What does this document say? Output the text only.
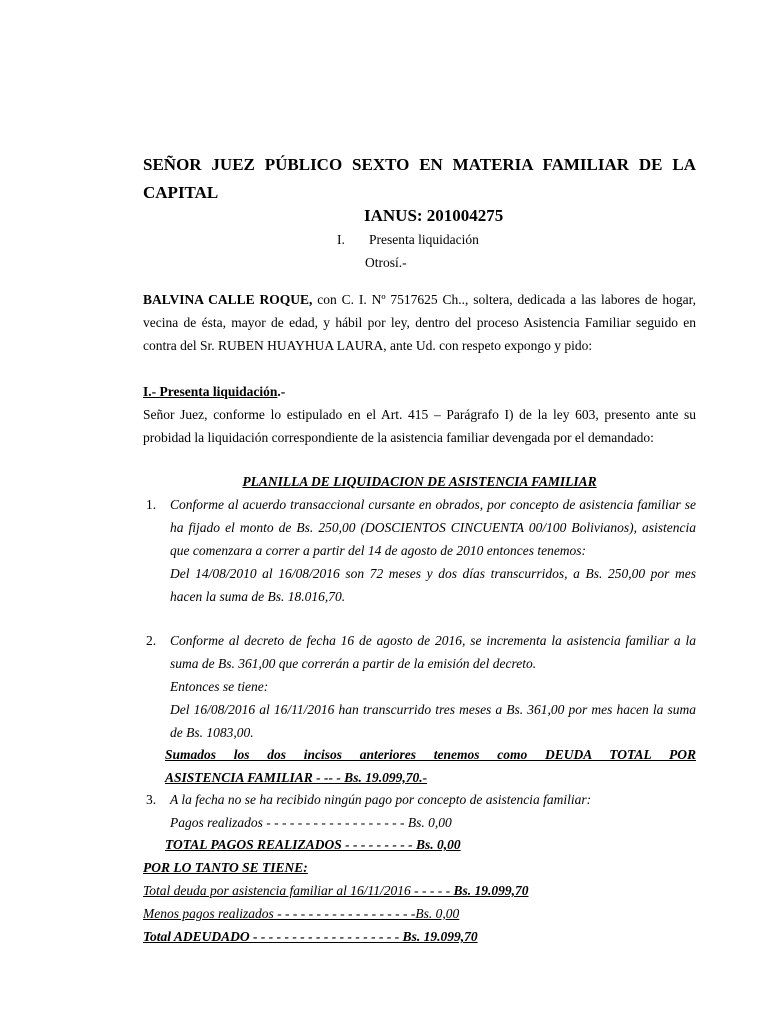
SEÑOR JUEZ PÚBLICO SEXTO EN MATERIA FAMILIAR DE LA CAPITAL

IANUS: 201004275
I. Presenta liquidación
Otrosí.-

BALVINA CALLE ROQUE, con C. I. Nº 7517625 Ch.., soltera, dedicada a las labores de hogar, vecina de ésta, mayor de edad, y hábil por ley, dentro del proceso Asistencia Familiar seguido en contra del Sr. RUBEN HUAYHUA LAURA, ante Ud. con respeto expongo y pido:

I.- Presenta liquidación.-

Señor Juez, conforme lo estipulado en el Art. 415 – Parágrafo I) de la ley 603, presento ante su probidad la liquidación correspondiente de la asistencia familiar devengada por el demandado:

PLANILLA DE LIQUIDACION DE ASISTENCIA FAMILIAR
1. Conforme al acuerdo transaccional cursante en obrados, por concepto de asistencia familiar se ha fijado el monto de Bs. 250,00 (DOSCIENTOS CINCUENTA 00/100 Bolivianos), asistencia que comenzara a correr a partir del 14 de agosto de 2010 entonces tenemos:
Del 14/08/2010 al 16/08/2016 son 72 meses y dos días transcurridos, a Bs. 250,00 por mes hacen la suma de Bs. 18.016,70.
2. Conforme al decreto de fecha 16 de agosto de 2016, se incrementa la asistencia familiar a la suma de Bs. 361,00 que correrán a partir de la emisión del decreto.
Entonces se tiene:
Del 16/08/2016 al 16/11/2016 han transcurrido tres meses a Bs. 361,00 por mes hacen la suma de Bs. 1083,00.
Sumados los dos incisos anteriores tenemos como DEUDA TOTAL POR
ASISTENCIA FAMILIAR - -- - Bs. 19.099,70.-
3. A la fecha no se ha recibido ningún pago por concepto de asistencia familiar:
Pagos realizados - - - - - - - - - - - - - - - - - - Bs. 0,00
TOTAL PAGOS REALIZADOS - - - - - - - - - Bs. 0,00
POR LO TANTO SE TIENE:
Total deuda por asistencia familiar al 16/11/2016 - - - - - Bs. 19.099,70
Menos pagos realizados - - - - - - - - - - - - - - - - - -Bs. 0,00
Total ADEUDADO - - - - - - - - - - - - - - - - - - - Bs. 19.099,70
